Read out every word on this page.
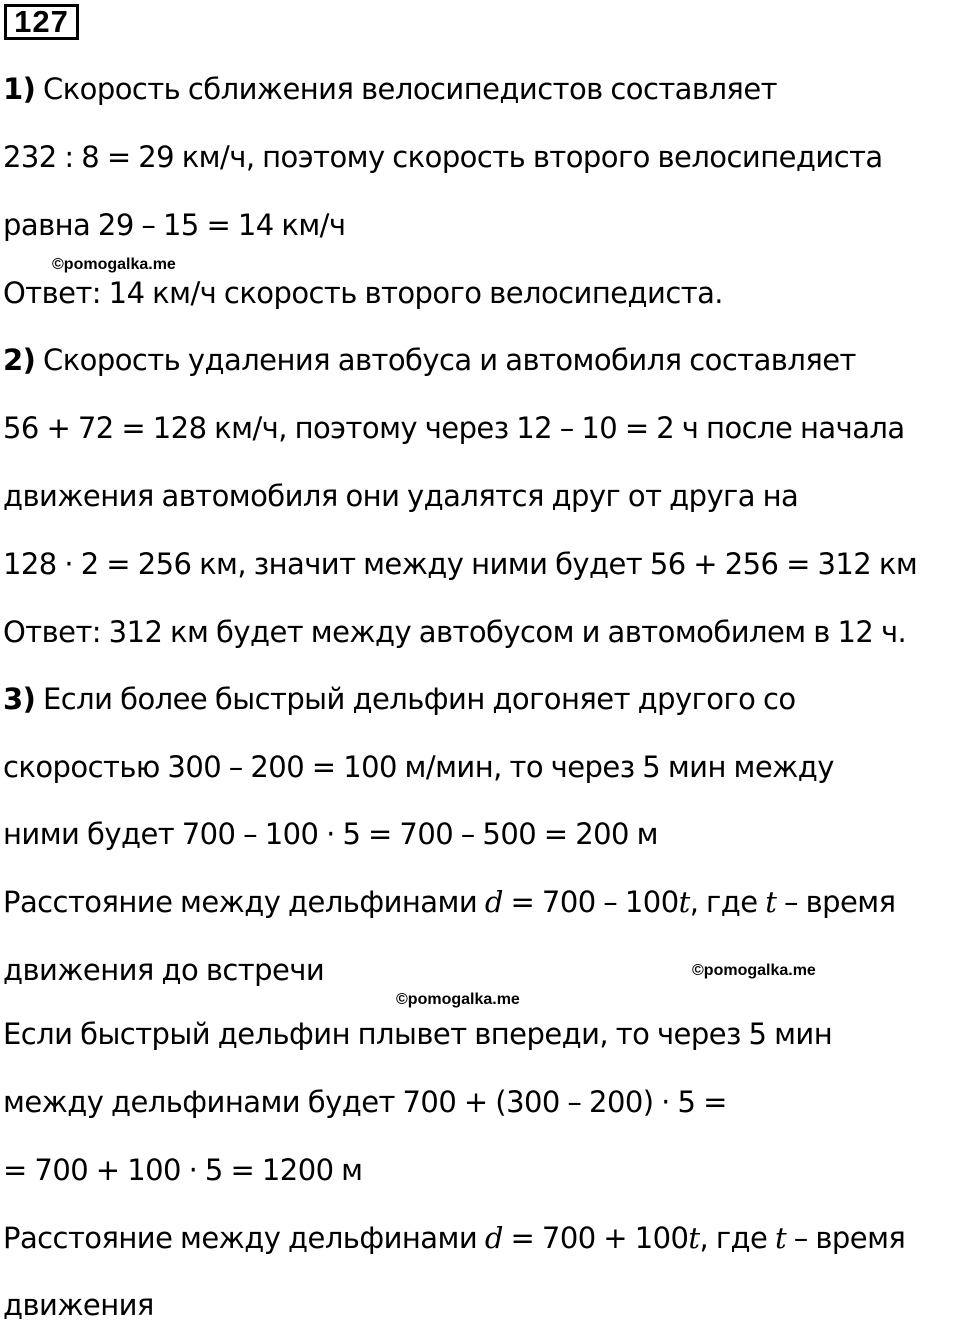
127
1) Скорость сближения велосипедистов составляет
232 : 8 = 29 км/ч, поэтому скорость второго велосипедиста
равна 29 – 15 = 14 км/ч
©pomogalka.me
Ответ: 14 км/ч скорость второго велосипедиста.
2) Скорость удаления автобуса и автомобиля составляет
56 + 72 = 128 км/ч, поэтому через 12 – 10 = 2 ч после начала
движения автомобиля они удалятся друг от друга на
128 · 2 = 256 км, значит между ними будет 56 + 256 = 312 км
Ответ: 312 км будет между автобусом и автомобилем в 12 ч.
3) Если более быстрый дельфин догоняет другого со
скоростью 300 – 200 = 100 м/мин, то через 5 мин между
ними будет 700 – 100 · 5 = 700 – 500 = 200 м
Расстояние между дельфинами d = 700 – 100t, где t – время
движения до встречи	©pomogalka.me
©pomogalka.me
Если быстрый дельфин плывет впереди, то через 5 мин
между дельфинами будет 700 + (300 – 200) · 5 =
= 700 + 100 · 5 = 1200 м
Расстояние между дельфинами d = 700 + 100t, где t – время
движения
